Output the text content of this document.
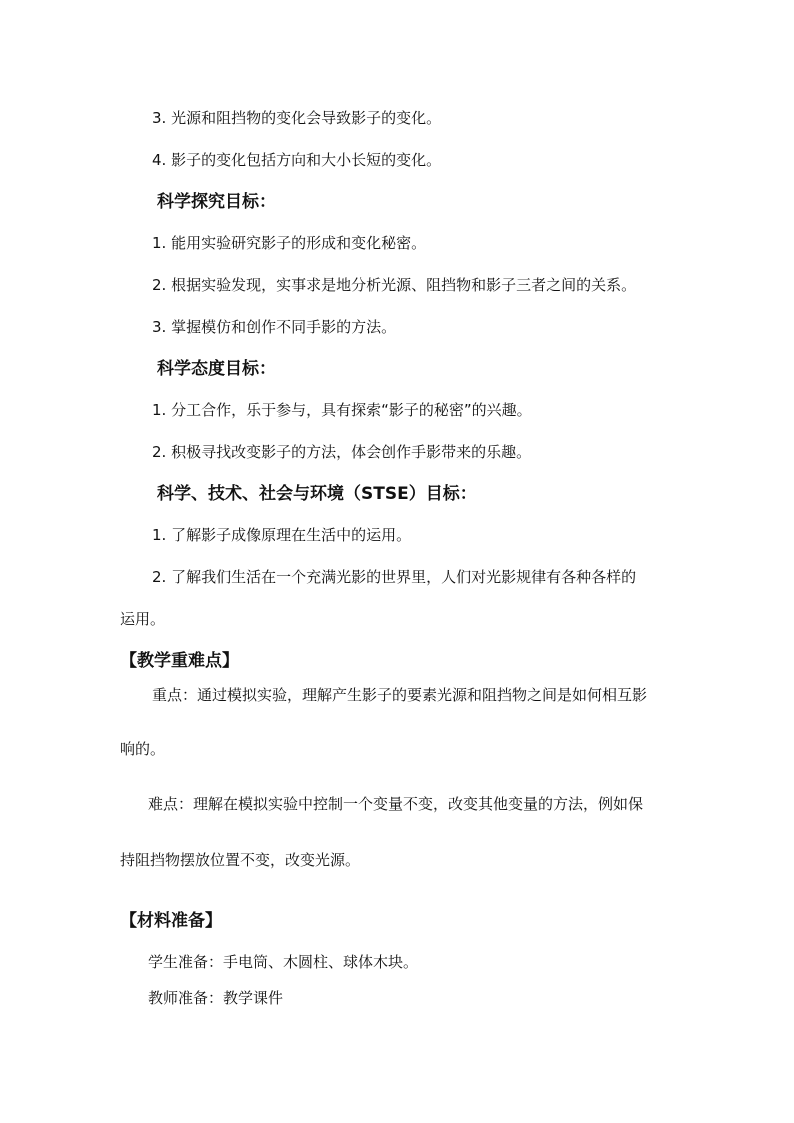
3. 光源和阻挡物的变化会导致影子的变化。
4. 影子的变化包括方向和大小长短的变化。
科学探究目标：
1. 能用实验研究影子的形成和变化秘密。
2. 根据实验发现，实事求是地分析光源、阻挡物和影子三者之间的关系。
3. 掌握模仿和创作不同手影的方法。
科学态度目标：
1. 分工合作，乐于参与，具有探索“影子的秘密”的兴趣。
2. 积极寻找改变影子的方法，体会创作手影带来的乐趣。
科学、技术、社会与环境（STSE）目标：
1. 了解影子成像原理在生活中的运用。
2. 了解我们生活在一个充满光影的世界里，人们对光影规律有各种各样的
运用。
【教学重难点】
重点：通过模拟实验，理解产生影子的要素光源和阻挡物之间是如何相互影
响的。
难点：理解在模拟实验中控制一个变量不变，改变其他变量的方法，例如保
持阻挡物摆放位置不变，改变光源。
【材料准备】
学生准备：手电筒、木圆柱、球体木块。
教师准备：教学课件
